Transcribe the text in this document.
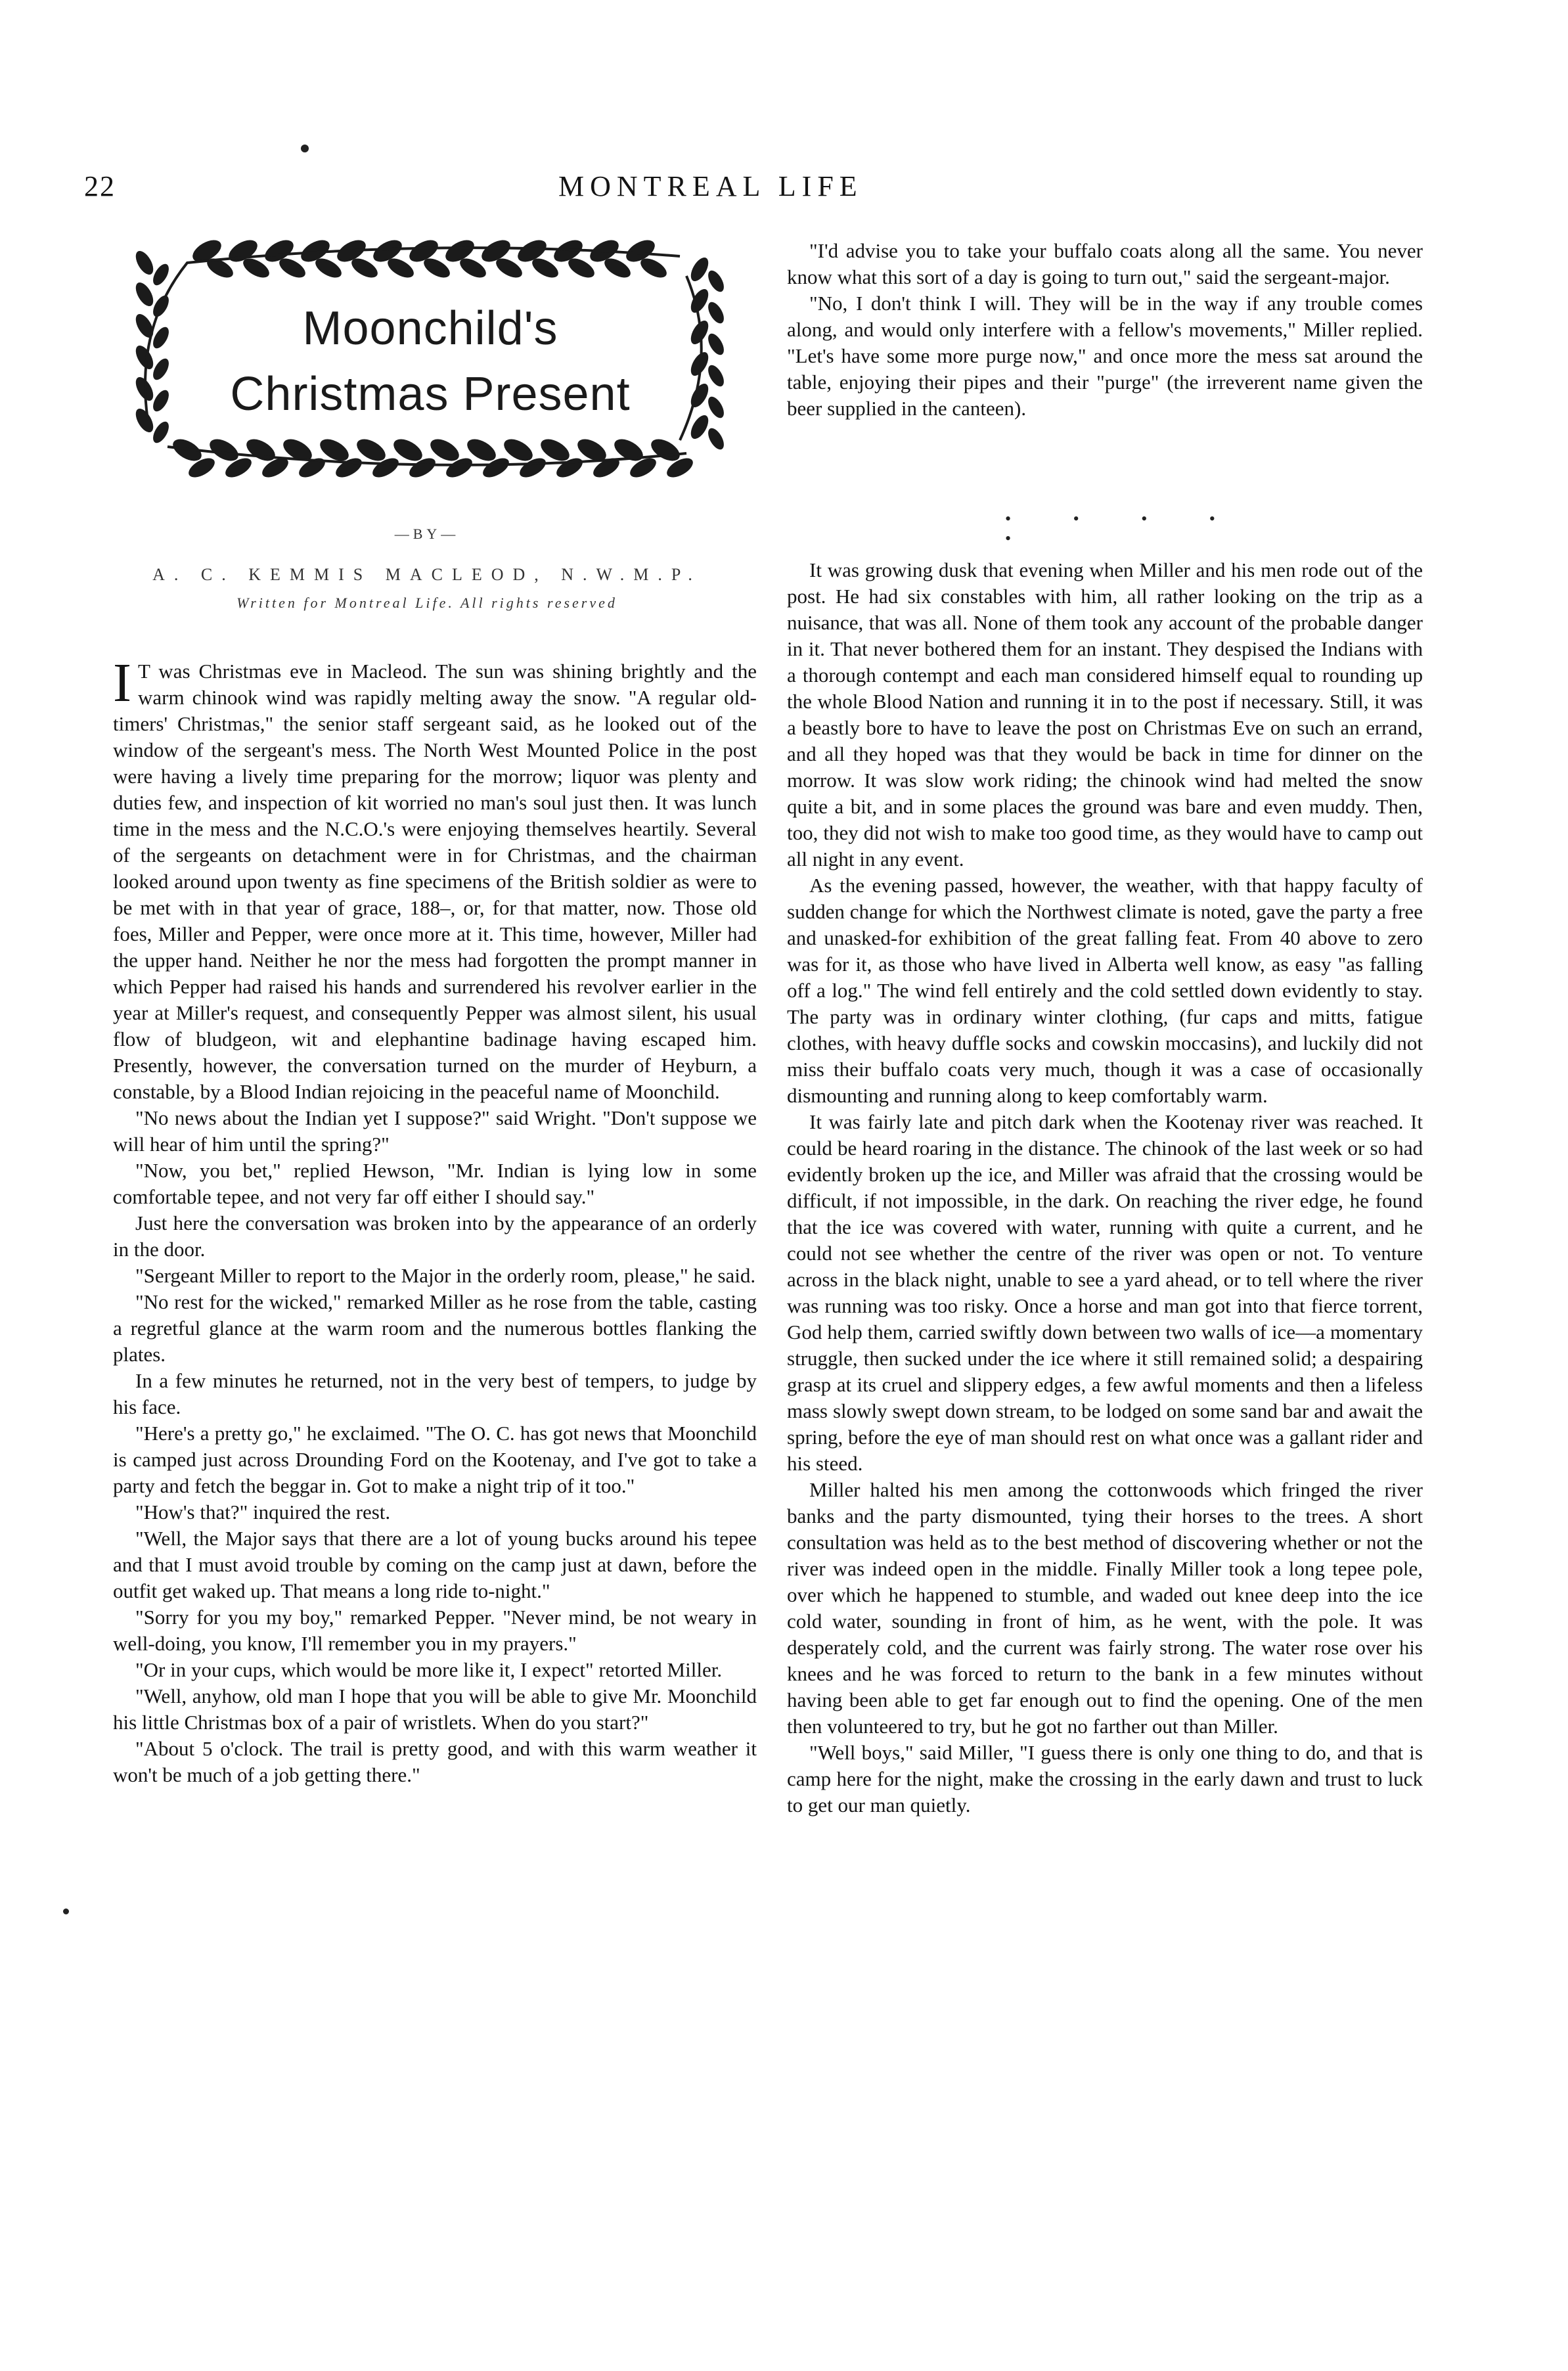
22	MONTREAL LIFE
Moonchild's
Christmas Present
—BY—
A. C. KEMMIS MACLEOD, N.W.M.P.
Written for Montreal Life. All rights reserved

I T was Christmas eve in Macleod. The sun was shining brightly and the warm chinook wind was rapidly melting away the snow. "A regular old-timers' Christmas," the senior staff sergeant said, as he looked out of the window of the sergeant's mess. The North West Mounted Police in the post were having a lively time preparing for the morrow; liquor was plenty and duties few, and inspection of kit worried no man's soul just then. It was lunch time in the mess and the N.C.O.'s were enjoying themselves heartily. Several of the sergeants on detachment were in for Christmas, and the chairman looked around upon twenty as fine specimens of the British soldier as were to be met with in that year of grace, 188–, or, for that matter, now. Those old foes, Miller and Pepper, were once more at it. This time, however, Miller had the upper hand. Neither he nor the mess had forgotten the prompt manner in which Pepper had raised his hands and surrendered his revolver earlier in the year at Miller's request, and consequently Pepper was almost silent, his usual flow of bludgeon, wit and elephantine badinage having escaped him. Presently, however, the conversation turned on the murder of Heyburn, a constable, by a Blood Indian rejoicing in the peaceful name of Moonchild.

"No news about the Indian yet I suppose?" said Wright. "Don't suppose we will hear of him until the spring?"

"Now, you bet," replied Hewson, "Mr. Indian is lying low in some comfortable tepee, and not very far off either I should say."

Just here the conversation was broken into by the appearance of an orderly in the door.

"Sergeant Miller to report to the Major in the orderly room, please," he said.

"No rest for the wicked," remarked Miller as he rose from the table, casting a regretful glance at the warm room and the numerous bottles flanking the plates.

In a few minutes he returned, not in the very best of tempers, to judge by his face.

"Here's a pretty go," he exclaimed. "The O. C. has got news that Moonchild is camped just across Drounding Ford on the Kootenay, and I've got to take a party and fetch the beggar in. Got to make a night trip of it too."

"How's that?" inquired the rest.

"Well, the Major says that there are a lot of young bucks around his tepee and that I must avoid trouble by coming on the camp just at dawn, before the outfit get waked up. That means a long ride to-night."

"Sorry for you my boy," remarked Pepper. "Never mind, be not weary in well-doing, you know, I'll remember you in my prayers."

"Or in your cups, which would be more like it, I expect" retorted Miller.

"Well, anyhow, old man I hope that you will be able to give Mr. Moonchild his little Christmas box of a pair of wristlets. When do you start?"

"About 5 o'clock. The trail is pretty good, and with this warm weather it won't be much of a job getting there."

"I'd advise you to take your buffalo coats along all the same. You never know what this sort of a day is going to turn out," said the sergeant-major.

"No, I don't think I will. They will be in the way if any trouble comes along, and would only interfere with a fellow's movements," Miller replied. "Let's have some more purge now," and once more the mess sat around the table, enjoying their pipes and their "purge" (the irreverent name given the beer supplied in the canteen).

• • • • •

It was growing dusk that evening when Miller and his men rode out of the post. He had six constables with him, all rather looking on the trip as a nuisance, that was all. None of them took any account of the probable danger in it. That never bothered them for an instant. They despised the Indians with a thorough contempt and each man considered himself equal to rounding up the whole Blood Nation and running it in to the post if necessary. Still, it was a beastly bore to have to leave the post on Christmas Eve on such an errand, and all they hoped was that they would be back in time for dinner on the morrow. It was slow work riding; the chinook wind had melted the snow quite a bit, and in some places the ground was bare and even muddy. Then, too, they did not wish to make too good time, as they would have to camp out all night in any event.

As the evening passed, however, the weather, with that happy faculty of sudden change for which the Northwest climate is noted, gave the party a free and unasked-for exhibition of the great falling feat. From 40 above to zero was for it, as those who have lived in Alberta well know, as easy "as falling off a log." The wind fell entirely and the cold settled down evidently to stay. The party was in ordinary winter clothing, (fur caps and mitts, fatigue clothes, with heavy duffle socks and cowskin moccasins), and luckily did not miss their buffalo coats very much, though it was a case of occasionally dismounting and running along to keep comfortably warm.

It was fairly late and pitch dark when the Kootenay river was reached. It could be heard roaring in the distance. The chinook of the last week or so had evidently broken up the ice, and Miller was afraid that the crossing would be difficult, if not impossible, in the dark. On reaching the river edge, he found that the ice was covered with water, running with quite a current, and he could not see whether the centre of the river was open or not. To venture across in the black night, unable to see a yard ahead, or to tell where the river was running was too risky. Once a horse and man got into that fierce torrent, God help them, carried swiftly down between two walls of ice—a momentary struggle, then sucked under the ice where it still remained solid; a despairing grasp at its cruel and slippery edges, a few awful moments and then a lifeless mass slowly swept down stream, to be lodged on some sand bar and await the spring, before the eye of man should rest on what once was a gallant rider and his steed.

Miller halted his men among the cottonwoods which fringed the river banks and the party dismounted, tying their horses to the trees. A short consultation was held as to the best method of discovering whether or not the river was indeed open in the middle. Finally Miller took a long tepee pole, over which he happened to stumble, and waded out knee deep into the ice cold water, sounding in front of him, as he went, with the pole. It was desperately cold, and the current was fairly strong. The water rose over his knees and he was forced to return to the bank in a few minutes without having been able to get far enough out to find the opening. One of the men then volunteered to try, but he got no farther out than Miller.

"Well boys," said Miller, "I guess there is only one thing to do, and that is camp here for the night, make the crossing in the early dawn and trust to luck to get our man quietly.
